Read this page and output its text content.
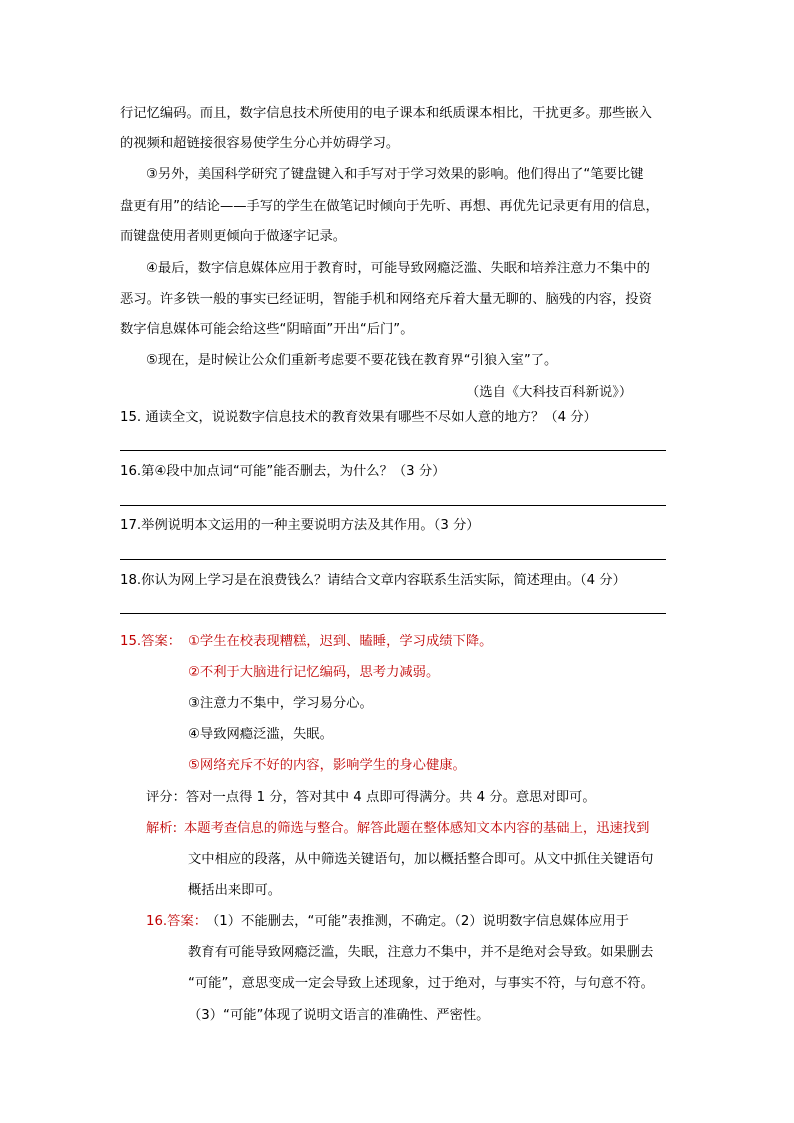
行记忆编码。而且，数字信息技术所使用的电子课本和纸质课本相比，干扰更多。那些嵌入
的视频和超链接很容易使学生分心并妨碍学习。
③另外，美国科学研究了键盘键入和手写对于学习效果的影响。他们得出了“笔要比键
盘更有用”的结论——手写的学生在做笔记时倾向于先听、再想、再优先记录更有用的信息，
而键盘使用者则更倾向于做逐字记录。
④最后，数字信息媒体应用于教育时，可能导致网瘾泛滥、失眠和培养注意力不集中的
恶习。许多铁一般的事实已经证明，智能手机和网络充斥着大量无聊的、脑残的内容，投资
数字信息媒体可能会给这些“阴暗面”开出“后门”。
⑤现在，是时候让公众们重新考虑要不要花钱在教育界“引狼入室”了。
（选自《大科技百科新说》）
15. 通读全文，说说数字信息技术的教育效果有哪些不尽如人意的地方？（4 分）
16.第④段中加点词“可能”能否删去，为什么？（3 分）
17.举例说明本文运用的一种主要说明方法及其作用。（3 分）
18.你认为网上学习是在浪费钱么？请结合文章内容联系生活实际，简述理由。（4 分）
15.答案： ①学生在校表现糟糕，迟到、瞌睡，学习成绩下降。
②不利于大脑进行记忆编码，思考力减弱。
③注意力不集中，学习易分心。
④导致网瘾泛滥，失眠。
⑤网络充斥不好的内容，影响学生的身心健康。
评分：答对一点得 1 分，答对其中 4 点即可得满分。共 4 分。意思对即可。
解析: 本题考查信息的筛选与整合。解答此题在整体感知文本内容的基础上，迅速找到
文中相应的段落，从中筛选关键语句，加以概括整合即可。从文中抓住关键语句
概括出来即可。
16.答案：
（1）不能删去，“可能”表推测，不确定。（2）说明数字信息媒体应用于
教育有可能导致网瘾泛滥，失眠，注意力不集中，并不是绝对会导致。如果删去
“可能”，意思变成一定会导致上述现象，过于绝对，与事实不符，与句意不符。
（3）“可能”体现了说明文语言的准确性、严密性。
